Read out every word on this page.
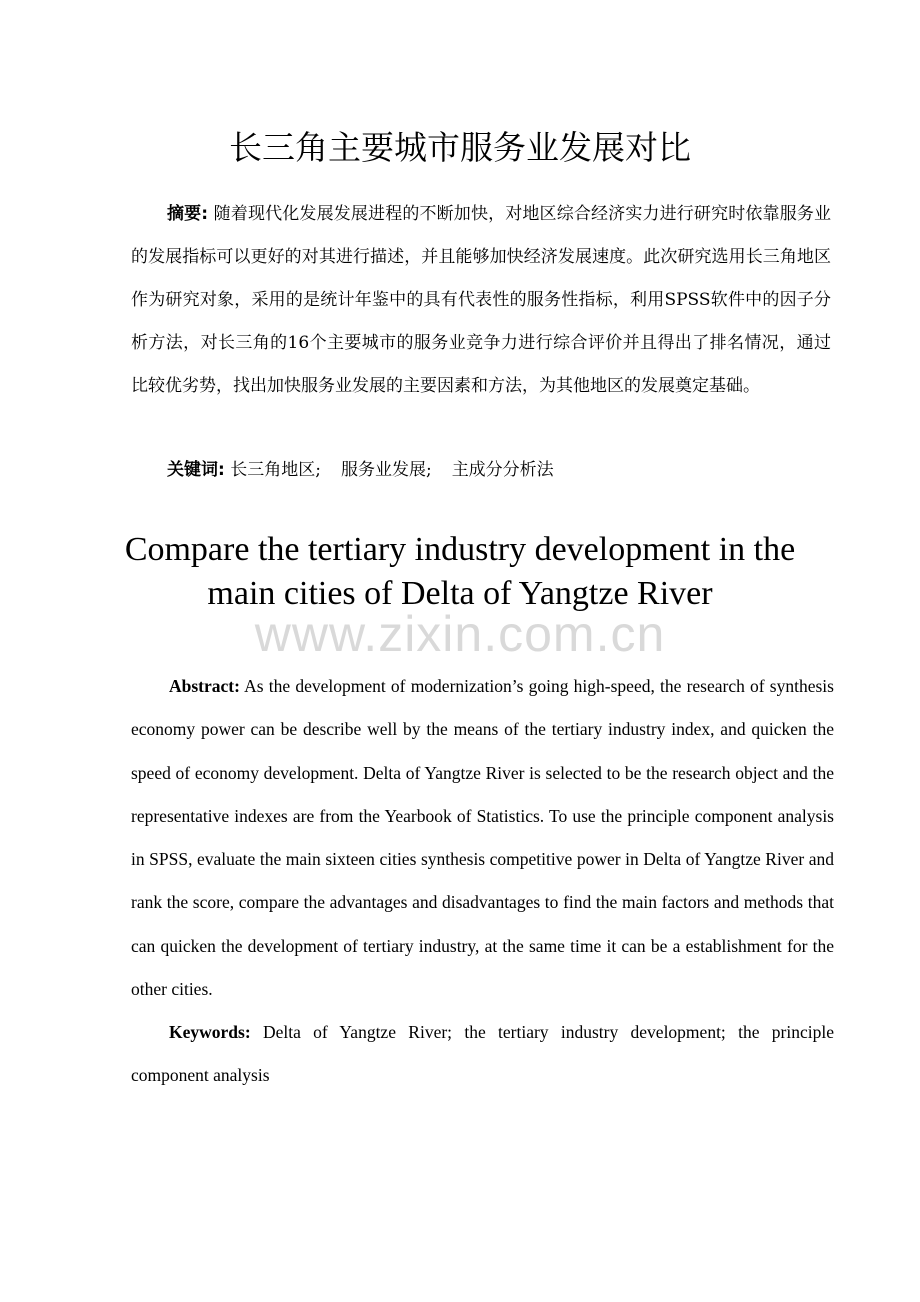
长三角主要城市服务业发展对比

摘要: 随着现代化发展发展进程的不断加快，对地区综合经济实力进行研究时依靠服务业的发展指标可以更好的对其进行描述，并且能够加快经济发展速度。此次研究选用长三角地区作为研究对象，采用的是统计年鉴中的具有代表性的服务性指标，利用SPSS软件中的因子分析方法，对长三角的16个主要城市的服务业竞争力进行综合评价并且得出了排名情况，通过比较优劣势，找出加快服务业发展的主要因素和方法，为其他地区的发展奠定基础。

关键词: 长三角地区; 服务业发展; 主成分分析法

Compare the tertiary industry development in the main cities of Delta of Yangtze River
www.zixin.com.cn

Abstract: As the development of modernization’s going high-speed, the research of synthesis economy power can be describe well by the means of the tertiary industry index, and quicken the speed of economy development. Delta of Yangtze River is selected to be the research object and the representative indexes are from the Yearbook of Statistics. To use the principle component analysis in SPSS, evaluate the main sixteen cities synthesis competitive power in Delta of Yangtze River and rank the score, compare the advantages and disadvantages to find the main factors and methods that can quicken the development of tertiary industry, at the same time it can be a establishment for the other cities.

Keywords: Delta of Yangtze River; the tertiary industry development; the principle component analysis
